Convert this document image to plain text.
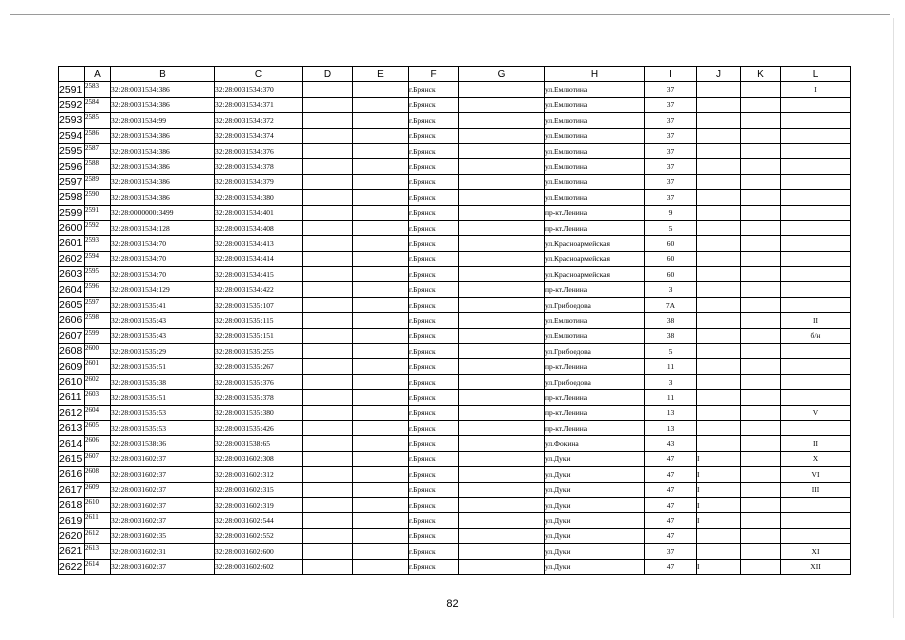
	A	B	C	D	E	F	G	H	I	J	K	L
2591	2583	32:28:0031534:386	32:28:0031534:370			г.Брянск		ул.Емлютина	37			I
2592	2584	32:28:0031534:386	32:28:0031534:371			г.Брянск		ул.Емлютина	37			
2593	2585	32:28:0031534:99	32:28:0031534:372			г.Брянск		ул.Емлютина	37			
2594	2586	32:28:0031534:386	32:28:0031534:374			г.Брянск		ул.Емлютина	37			
2595	2587	32:28:0031534:386	32:28:0031534:376			г.Брянск		ул.Емлютина	37			
2596	2588	32:28:0031534:386	32:28:0031534:378			г.Брянск		ул.Емлютина	37			
2597	2589	32:28:0031534:386	32:28:0031534:379			г.Брянск		ул.Емлютина	37			
2598	2590	32:28:0031534:386	32:28:0031534:380			г.Брянск		ул.Емлютина	37			
2599	2591	32:28:0000000:3499	32:28:0031534:401			г.Брянск		пр-кт.Ленина	9			
2600	2592	32:28:0031534:128	32:28:0031534:408			г.Брянск		пр-кт.Ленина	5			
2601	2593	32:28:0031534:70	32:28:0031534:413			г.Брянск		ул.Красноармейская	60			
2602	2594	32:28:0031534:70	32:28:0031534:414			г.Брянск		ул.Красноармейская	60			
2603	2595	32:28:0031534:70	32:28:0031534:415			г.Брянск		ул.Красноармейская	60			
2604	2596	32:28:0031534:129	32:28:0031534:422			г.Брянск		пр-кт.Ленина	3			
2605	2597	32:28:0031535:41	32:28:0031535:107			г.Брянск		ул.Грибоедова	7А			
2606	2598	32:28:0031535:43	32:28:0031535:115			г.Брянск		ул.Емлютина	38			II
2607	2599	32:28:0031535:43	32:28:0031535:151			г.Брянск		ул.Емлютина	38			б/н
2608	2600	32:28:0031535:29	32:28:0031535:255			г.Брянск		ул.Грибоедова	5			
2609	2601	32:28:0031535:51	32:28:0031535:267			г.Брянск		пр-кт.Ленина	11			
2610	2602	32:28:0031535:38	32:28:0031535:376			г.Брянск		ул.Грибоедова	3			
2611	2603	32:28:0031535:51	32:28:0031535:378			г.Брянск		пр-кт.Ленина	11			
2612	2604	32:28:0031535:53	32:28:0031535:380			г.Брянск		пр-кт.Ленина	13			V
2613	2605	32:28:0031535:53	32:28:0031535:426			г.Брянск		пр-кт.Ленина	13			
2614	2606	32:28:0031538:36	32:28:0031538:65			г.Брянск		ул.Фокина	43			II
2615	2607	32:28:0031602:37	32:28:0031602:308			г.Брянск		ул.Дуки	47	I		X
2616	2608	32:28:0031602:37	32:28:0031602:312			г.Брянск		ул.Дуки	47	I		VI
2617	2609	32:28:0031602:37	32:28:0031602:315			г.Брянск		ул.Дуки	47	I		III
2618	2610	32:28:0031602:37	32:28:0031602:319			г.Брянск		ул.Дуки	47	I		
2619	2611	32:28:0031602:37	32:28:0031602:544			г.Брянск		ул.Дуки	47	I		
2620	2612	32:28:0031602:35	32:28:0031602:552			г.Брянск		ул.Дуки	47			
2621	2613	32:28:0031602:31	32:28:0031602:600			г.Брянск		ул.Дуки	37			XI
2622	2614	32:28:0031602:37	32:28:0031602:602			г.Брянск		ул.Дуки	47	I		XII
82
